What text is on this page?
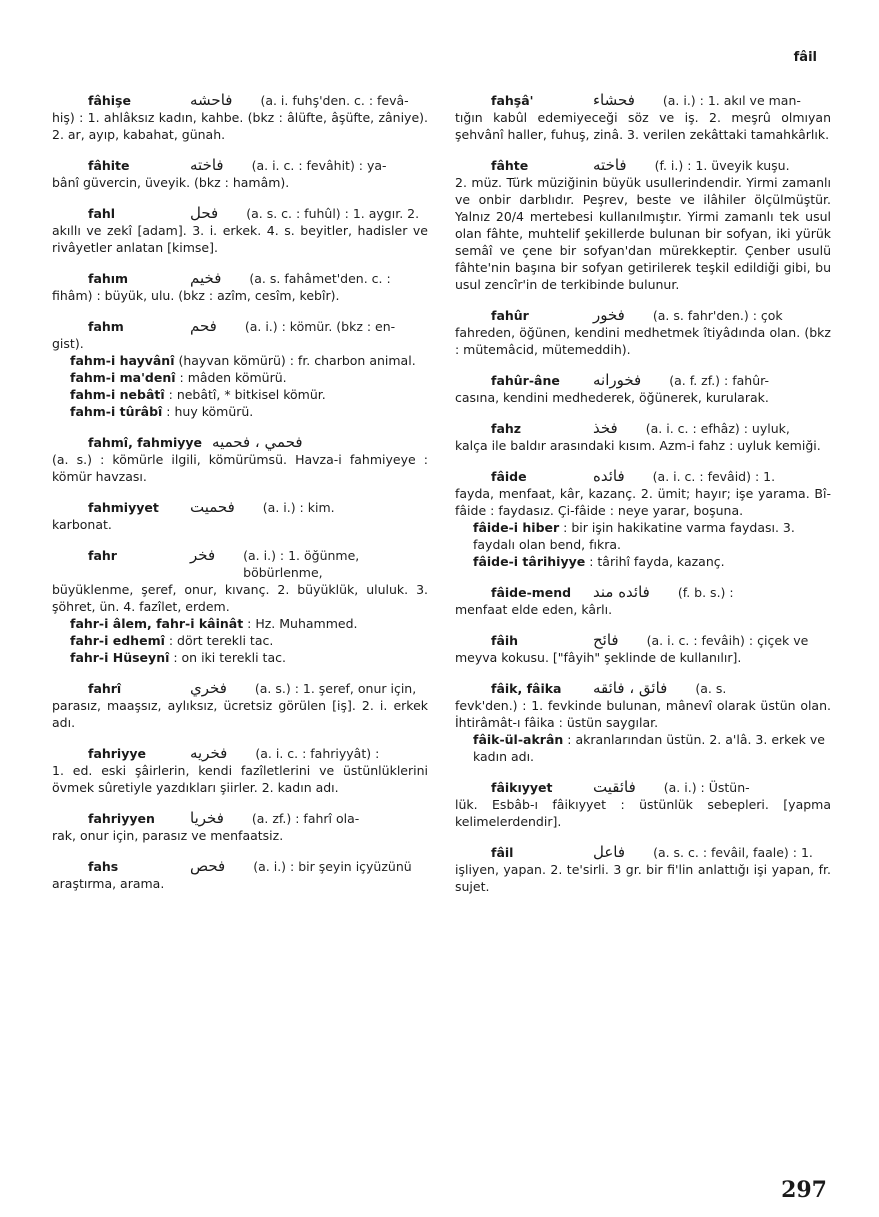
fâil
fâhişe	فاحشه (a. i. fuhş'den. c. : fevâ-
hiş) : 1. ahlâksız kadın, kahbe. (bkz : âlüfte, âşüfte, zâniye). 2. ar, ayıp, kabahat, günah.
fâhite	فاخته (a. i. c. : fevâhit) : ya-
bânî güvercin, üveyik. (bkz : hamâm).
fahl	فحل (a. s. c. : fuhûl) : 1. aygır. 2.
akıllı ve zekî [adam]. 3. i. erkek. 4. s. beyitler, hadisler ve rivâyetler anlatan [kimse].
fahım	فخيم (a. s. fahâmet'den. c. :
fihâm) : büyük, ulu. (bkz : azîm, cesîm, kebîr).
fahm	فحم (a. i.) : kömür. (bkz : en-
gist).
fahm-i hayvânî (hayvan kömürü) : fr. charbon animal.
fahm-i ma'denî : mâden kömürü.
fahm-i nebâtî : nebâtî, * bitkisel kömür.
fahm-i tûrâbî : huy kömürü.
fahmî, fahmiyye فحمي ، فحميه
(a. s.) : kömürle ilgili, kömürümsü. Havza-i fahmiyeye : kömür havzası.
fahmiyyet	فحميت (a. i.) : kim.
karbonat.
fahr	فخر (a. i.) : 1. öğünme, böbürlenme,
büyüklenme, şeref, onur, kıvanç. 2. büyüklük, ululuk. 3. şöhret, ün. 4. fazîlet, erdem.
fahr-i âlem, fahr-i kâinât : Hz. Muhammed.
fahr-i edhemî : dört terekli tac.
fahr-i Hüseynî : on iki terekli tac.
fahrî	فخري (a. s.) : 1. şeref, onur için,
parasız, maaşsız, aylıksız, ücretsiz görülen [iş]. 2. i. erkek adı.
fahriyye	فخريه (a. i. c. : fahriyyât) :
1. ed. eski şâirlerin, kendi fazîletlerini ve üstünlüklerini övmek sûretiyle yazdıkları şiirler. 2. kadın adı.
fahriyyen	فخريا (a. zf.) : fahrî ola-
rak, onur için, parasız ve menfaatsiz.
fahs	فحص (a. i.) : bir şeyin içyüzünü
araştırma, arama.
fahşâ'	فحشاء (a. i.) : 1. akıl ve man-
tığın kabûl edemiyeceği söz ve iş. 2. meşrû olmıyan şehvânî haller, fuhuş, zinâ. 3. verilen zekâttaki tamahkârlık.
fâhte	فاخته (f. i.) : 1. üveyik kuşu.
2. müz. Türk müziğinin büyük usullerindendir. Yirmi zamanlı ve onbir darblıdır. Peşrev, beste ve ilâhiler ölçülmüştür. Yalnız 20/4 mertebesi kullanılmıştır. Yirmi zamanlı tek usul olan fâhte, muhtelif şekillerde bulunan bir sofyan, iki yürük semâî ve çene bir sofyan'dan mürekkeptir. Çenber usulü fâhte'nin başına bir sofyan getirilerek teşkil edildiği gibi, bu usul zencîr'in de terkibinde bulunur.
fahûr	فخور (a. s. fahr'den.) : çok
fahreden, öğünen, kendini medhetmek îtiyâdında olan. (bkz : mütemâcid, mütemeddih).
fahûr-âne	فخورانه (a. f. zf.) : fahûr-
casına, kendini medhederek, öğünerek, kurularak.
fahz	فخذ (a. i. c. : efhâz) : uyluk,
kalça ile baldır arasındaki kısım. Azm-i fahz : uyluk kemiği.
fâide	فائده (a. i. c. : fevâid) : 1.
fayda, menfaat, kâr, kazanç. 2. ümit; hayır; işe yarama. Bî-fâide : faydasız. Çi-fâide : neye yarar, boşuna.
fâide-i hiber : bir işin hakikatine varma faydası. 3. faydalı olan bend, fıkra.
fâide-i târihiyye : târihî fayda, kazanç.
fâide-mend	فائده مند (f. b. s.) :
menfaat elde eden, kârlı.
fâih	فائح (a. i. c. : fevâih) : çiçek ve
meyva kokusu. ["fâyih" şeklinde de kullanılır].
fâik, fâika	فائق ، فائقه (a. s.
fevk'den.) : 1. fevkinde bulunan, mânevî olarak üstün olan. İhtirâmât-ı fâika : üstün saygılar.
fâik-ül-akrân : akranlarından üstün. 2. a'lâ. 3. erkek ve kadın adı.
fâikıyyet	فائقيت (a. i.) : Üstün-
lük. Esbâb-ı fâikıyyet : üstünlük sebepleri. [yapma kelimelerdendir].
fâil	فاعل (a. s. c. : fevâil, faale) : 1.
işliyen, yapan. 2. te'sirli. 3 gr. bir fi'lin anlattığı işi yapan, fr. sujet.
297
